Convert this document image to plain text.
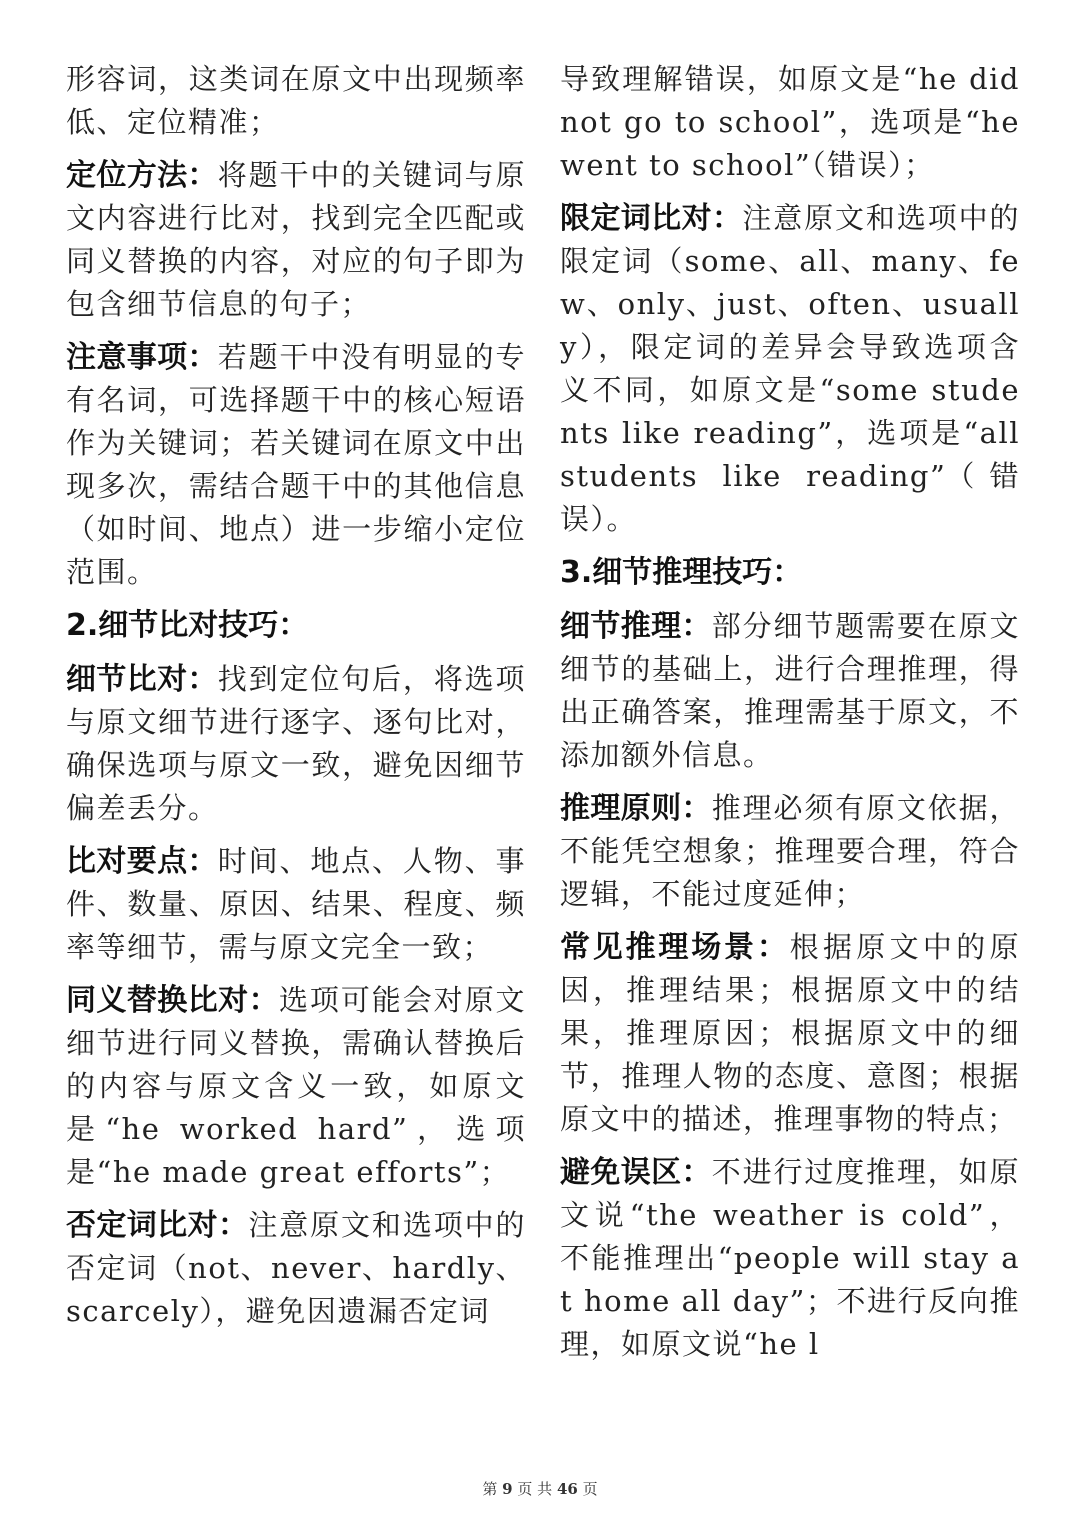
形容词，这类词在原文中出现频率低、定位精准；

定位方法：将题干中的关键词与原文内容进行比对，找到完全匹配或同义替换的内容，对应的句子即为包含细节信息的句子；

注意事项：若题干中没有明显的专有名词，可选择题干中的核心短语作为关键词；若关键词在原文中出现多次，需结合题干中的其他信息（如时间、地点）进一步缩小定位范围。

2.细节比对技巧：

细节比对：找到定位句后，将选项与原文细节进行逐字、逐句比对，确保选项与原文一致，避免因细节偏差丢分。

比对要点：时间、地点、人物、事件、数量、原因、结果、程度、频率等细节，需与原文完全一致；

同义替换比对：选项可能会对原文细节进行同义替换，需确认替换后的内容与原文含义一致，如原文是“he worked hard”，选项是“he made great efforts”；

否定词比对：注意原文和选项中的否定词（not、never、hardly、scarcely），避免因遗漏否定词

导致理解错误，如原文是“he did not go to school”，选项是“he went to school”（错误）；

限定词比对：注意原文和选项中的限定词（some、all、many、few、only、just、often、usually），限定词的差异会导致选项含义不同，如原文是“some students like reading”，选项是“all students like reading”（错误）。

3.细节推理技巧：

细节推理：部分细节题需要在原文细节的基础上，进行合理推理，得出正确答案，推理需基于原文，不添加额外信息。

推理原则：推理必须有原文依据，不能凭空想象；推理要合理，符合逻辑，不能过度延伸；

常见推理场景：根据原文中的原因，推理结果；根据原文中的结果，推理原因；根据原文中的细节，推理人物的态度、意图；根据原文中的描述，推理事物的特点；

避免误区：不进行过度推理，如原文说“the weather is cold”，不能推理出“people will stay at home all day”；不进行反向推理，如原文说“he l

第 9 页 共 46 页
